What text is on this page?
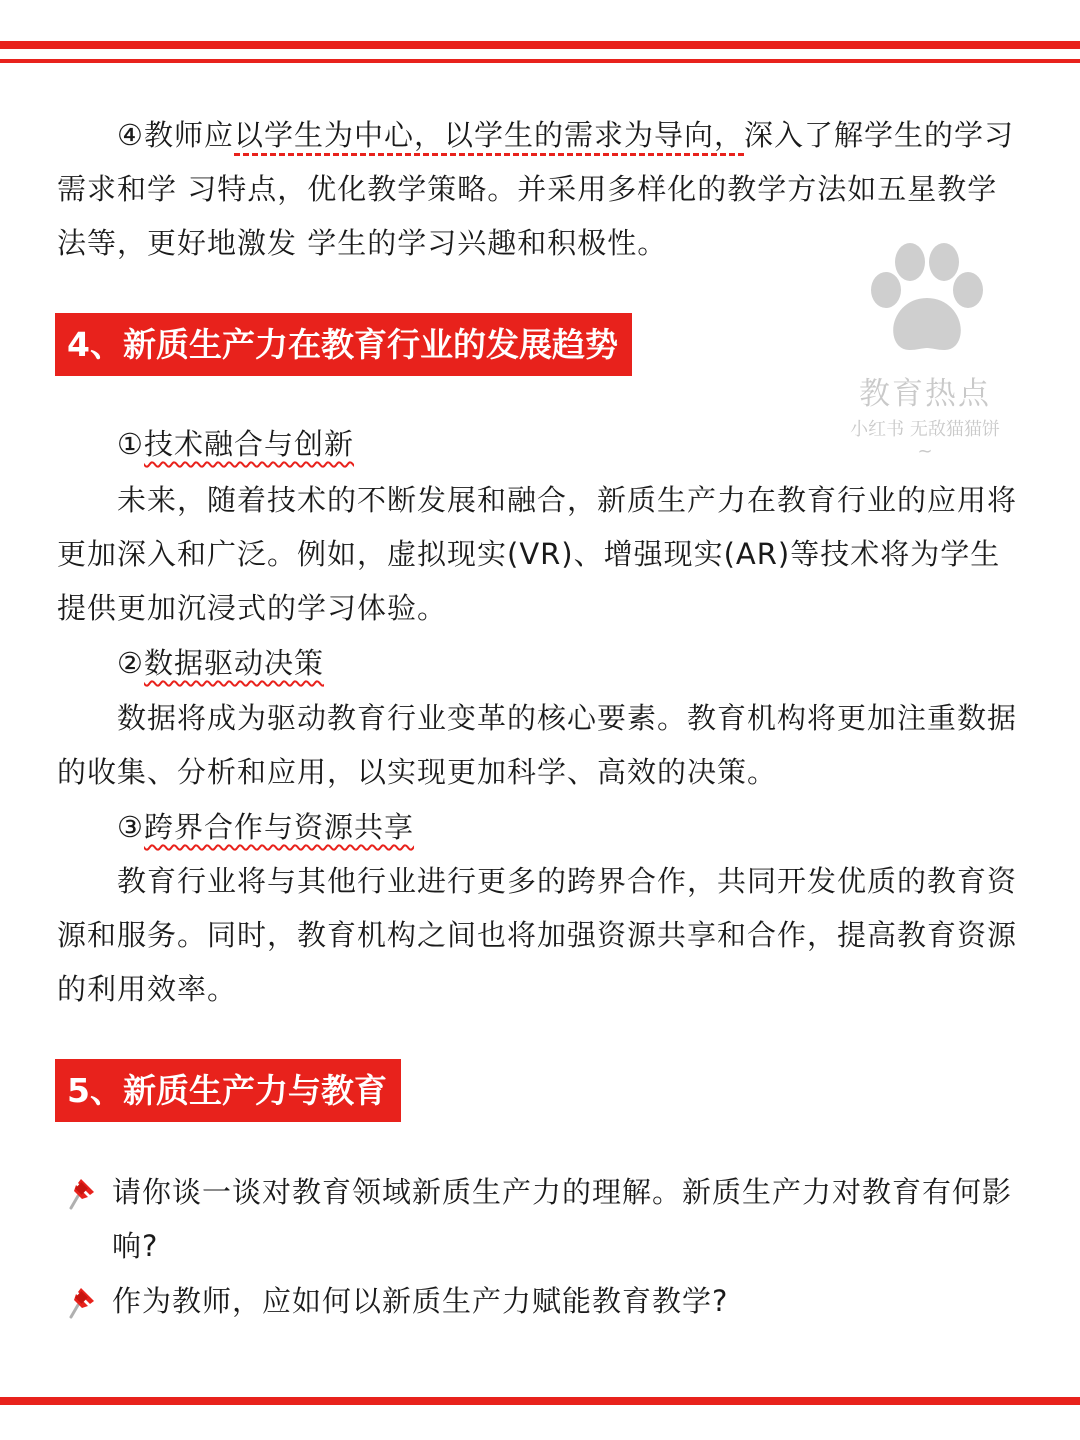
④教师应以学生为中心，以学生的需求为导向，深入了解学生的学习需求和学 习特点，优化教学策略。并采用多样化的教学方法如五星教学法等，更好地激发 学生的学习兴趣和积极性。

教育热点
小红书 无敌猫猫饼~
4、新质生产力在教育行业的发展趋势

①技术融合与创新

未来，随着技术的不断发展和融合，新质生产力在教育行业的应用将更加深入和广泛。例如，虚拟现实(VR)、增强现实(AR)等技术将为学生提供更加沉浸式的学习体验。

②数据驱动决策

数据将成为驱动教育行业变革的核心要素。教育机构将更加注重数据的收集、分析和应用，以实现更加科学、高效的决策。

③跨界合作与资源共享

教育行业将与其他行业进行更多的跨界合作，共同开发优质的教育资源和服务。同时，教育机构之间也将加强资源共享和合作，提高教育资源的利用效率。

5、新质生产力与教育

请你谈一谈对教育领域新质生产力的理解。新质生产力对教育有何影响?

作为教师，应如何以新质生产力赋能教育教学?
